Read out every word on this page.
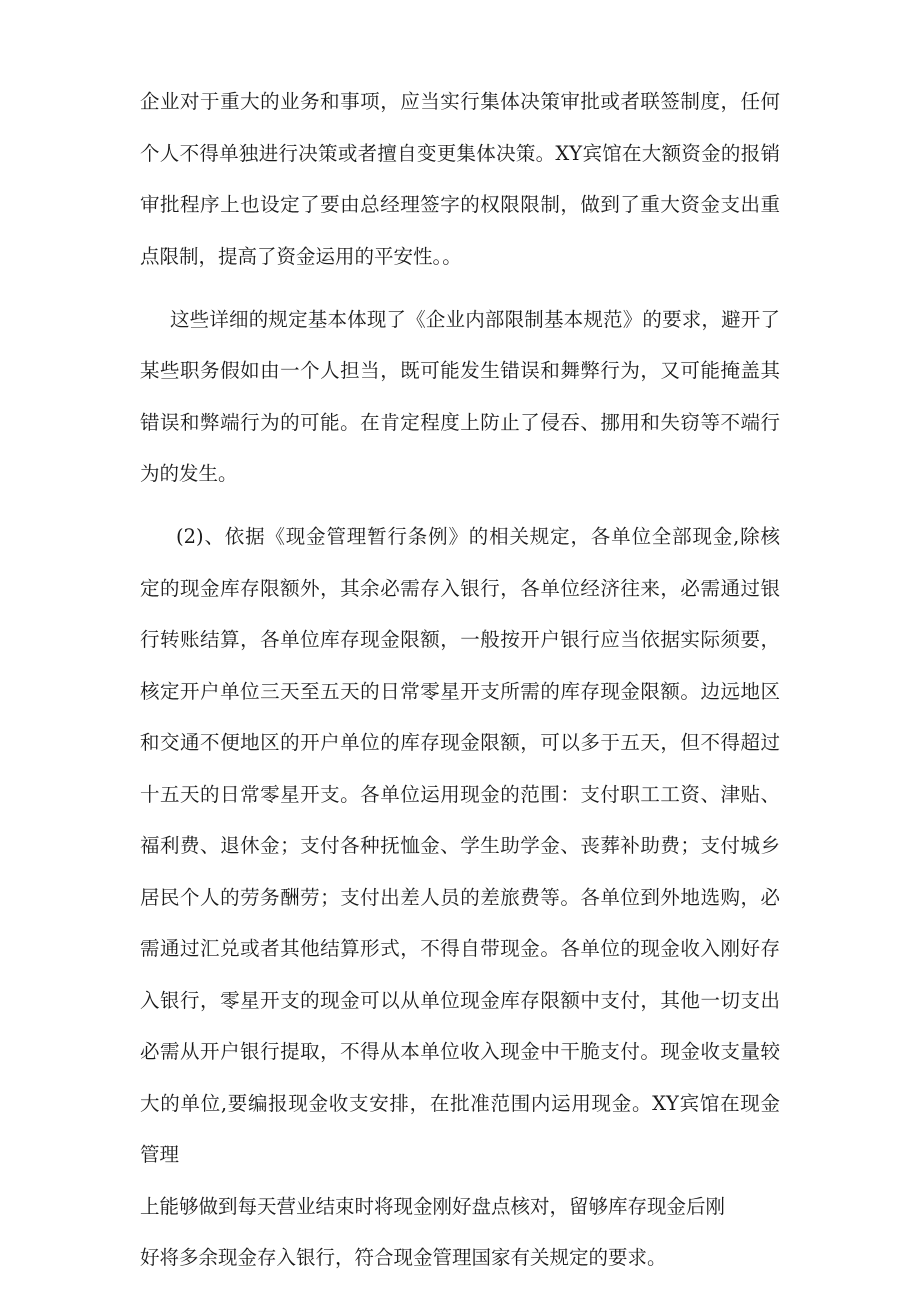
企业对于重大的业务和事项，应当实行集体决策审批或者联签制度，任何
个人不得单独进行决策或者擅自变更集体决策。XY宾馆在大额资金的报销
审批程序上也设定了要由总经理签字的权限限制，做到了重大资金支出重
点限制，提高了资金运用的平安性。。
这些详细的规定基本体现了《企业内部限制基本规范》的要求，避开了
某些职务假如由一个人担当，既可能发生错误和舞弊行为，又可能掩盖其
错误和弊端行为的可能。在肯定程度上防止了侵吞、挪用和失窃等不端行
为的发生。
(2)、依据《现金管理暂行条例》的相关规定，各单位全部现金,除核
定的现金库存限额外，其余必需存入银行，各单位经济往来，必需通过银
行转账结算，各单位库存现金限额，一般按开户银行应当依据实际须要，
核定开户单位三天至五天的日常零星开支所需的库存现金限额。边远地区
和交通不便地区的开户单位的库存现金限额，可以多于五天，但不得超过
十五天的日常零星开支。各单位运用现金的范围：支付职工工资、津贴、
福利费、退休金；支付各种抚恤金、学生助学金、丧葬补助费；支付城乡
居民个人的劳务酬劳；支付出差人员的差旅费等。各单位到外地选购，必
需通过汇兑或者其他结算形式，不得自带现金。各单位的现金收入刚好存
入银行，零星开支的现金可以从单位现金库存限额中支付，其他一切支出
必需从开户银行提取，不得从本单位收入现金中干脆支付。现金收支量较
大的单位,要编报现金收支安排，在批准范围内运用现金。XY宾馆在现金
管理
上能够做到每天营业结束时将现金刚好盘点核对，留够库存现金后刚
好将多余现金存入银行，符合现金管理国家有关规定的要求。
